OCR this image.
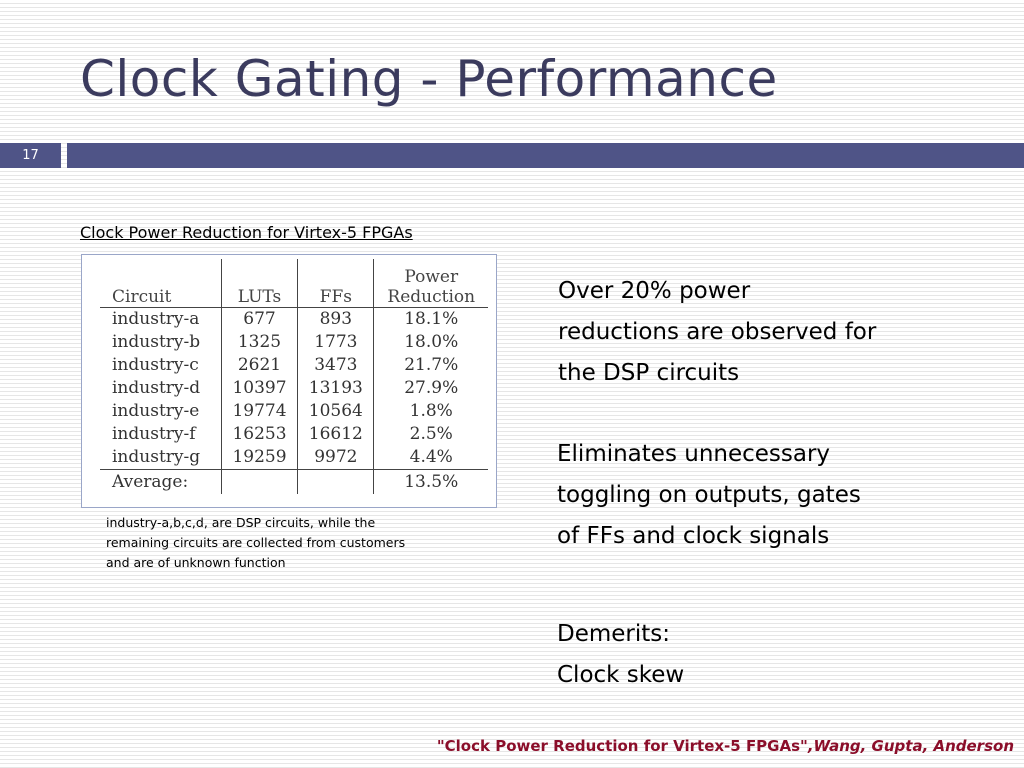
Clock Gating - Performance
17
Clock Power Reduction for Virtex-5 FPGAs
Circuit	LUTs	FFs	Power
Reduction
industry-a	677	893	18.1%
industry-b	1325	1773	18.0%
industry-c	2621	3473	21.7%
industry-d	10397	13193	27.9%
industry-e	19774	10564	1.8%
industry-f	16253	16612	2.5%
industry-g	19259	9972	4.4%
Average:			13.5%
industry-a,b,c,d, are DSP circuits, while the
remaining circuits are collected from customers
and are of unknown function
Over 20% power
reductions are observed for
the DSP circuits
Eliminates unnecessary
toggling on outputs, gates
of FFs and clock signals
Demerits:
Clock skew
"Clock Power Reduction for Virtex-5 FPGAs",Wang, Gupta, Anderson
